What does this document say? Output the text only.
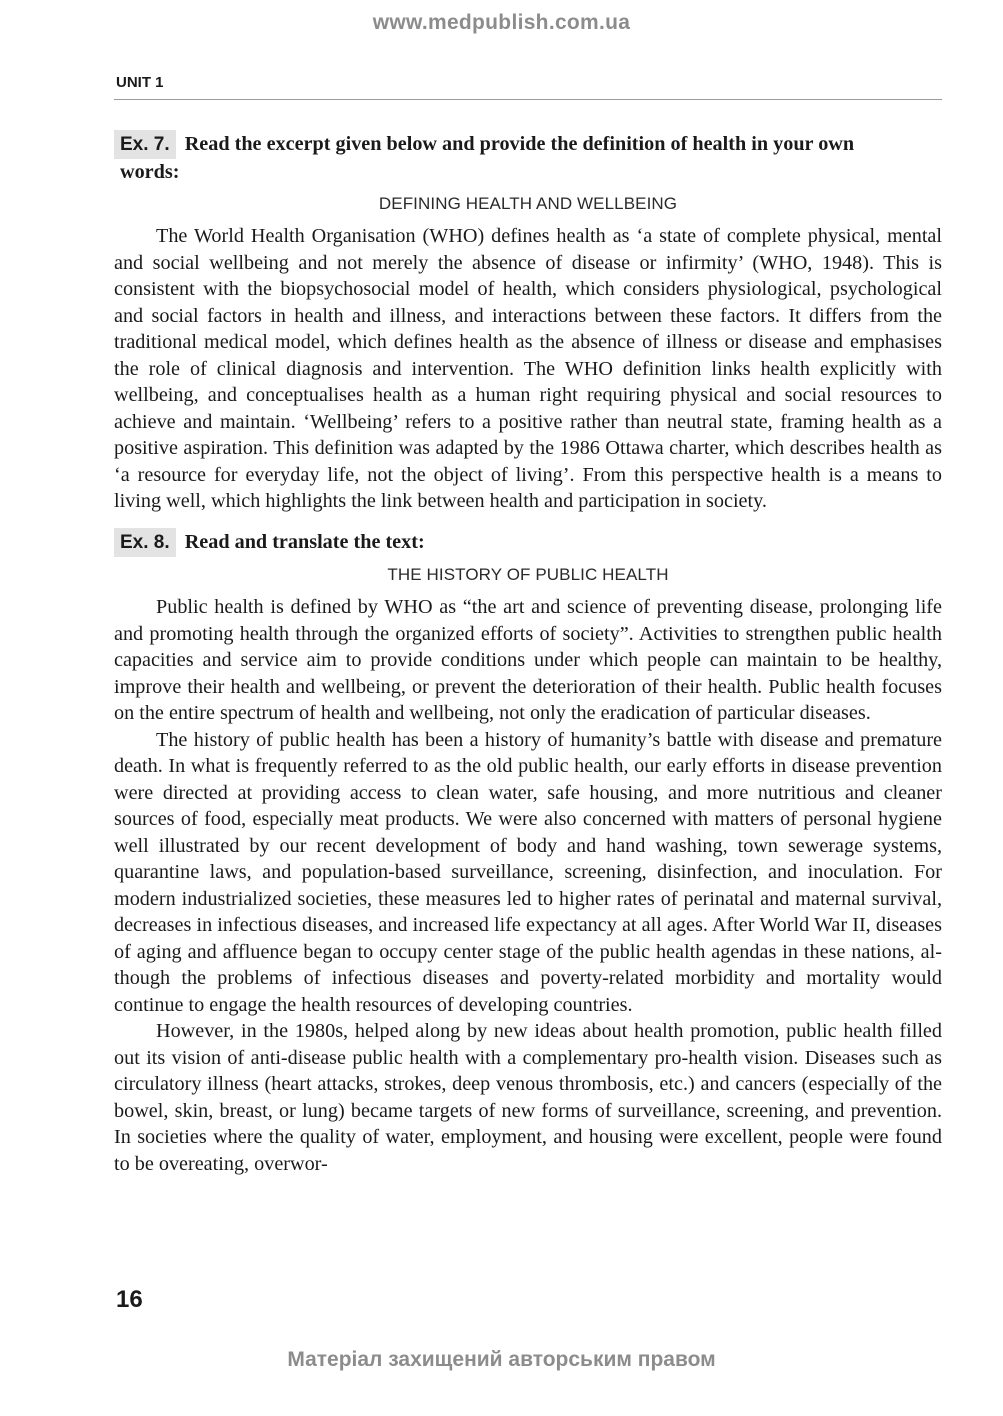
www.medpublish.com.ua
UNIT 1
Ex. 7. Read the excerpt given below and provide the definition of health in your own
words:
DEFINING HEALTH AND WELLBEING

The World Health Organisation (WHO) defines health as ‘a state of complete physical, mental and social wellbeing and not merely the absence of disease or infirmity’ (WHO, 1948). This is consistent with the biopsychosocial model of health, which considers physiological, psychological and social factors in health and illness, and interactions between these factors. It differs from the traditional medical model, which defines health as the absence of illness or disease and emphasises the role of clinical diagnosis and intervention. The WHO definition links health explicitly with wellbeing, and conceptualises health as a human right requiring physical and social resources to achieve and maintain. ‘Wellbeing’ refers to a positive rather than neutral state, framing health as a positive aspiration. This definition was adapted by the 1986 Ottawa charter, which describes health as ‘a resource for everyday life, not the object of living’. From this perspective health is a means to living well, which highlights the link between health and participation in society.

Ex. 8. Read and translate the text:
THE HISTORY OF PUBLIC HEALTH

Public health is defined by WHO as “the art and science of preventing disease, prolonging life and promoting health through the organized efforts of society”. Activities to strengthen public health capacities and service aim to provide conditions under which people can maintain to be healthy, improve their health and wellbeing, or prevent the deterioration of their health. Public health focuses on the entire spectrum of health and wellbeing, not only the eradication of particular diseases.

The history of public health has been a history of humanity’s battle with disease and premature death. In what is frequently referred to as the old public health, our early efforts in disease prevention were directed at providing access to clean water, safe housing, and more nutritious and cleaner sources of food, especially meat products. We were also concerned with matters of personal hygiene well illustrated by our recent development of body and hand washing, town sewerage systems, quarantine laws, and population-based surveillance, screening, disinfection, and inoculation. For modern industrialized societies, these measures led to higher rates of perinatal and maternal survival, decreases in infectious diseases, and increased life expectancy at all ages. After World War II, diseases of aging and affluence began to occupy center stage of the public health agendas in these nations, although the problems of infectious diseases and poverty-related morbidity and mortality would continue to engage the health resources of developing countries.

However, in the 1980s, helped along by new ideas about health promotion, public health filled out its vision of anti-disease public health with a complementary pro-health vision. Diseases such as circulatory illness (heart attacks, strokes, deep venous thrombosis, etc.) and cancers (especially of the bowel, skin, breast, or lung) became targets of new forms of surveillance, screening, and prevention. In societies where the quality of water, employment, and housing were excellent, people were found to be overeating, overwor-

16
Матеріал захищений авторським правом
